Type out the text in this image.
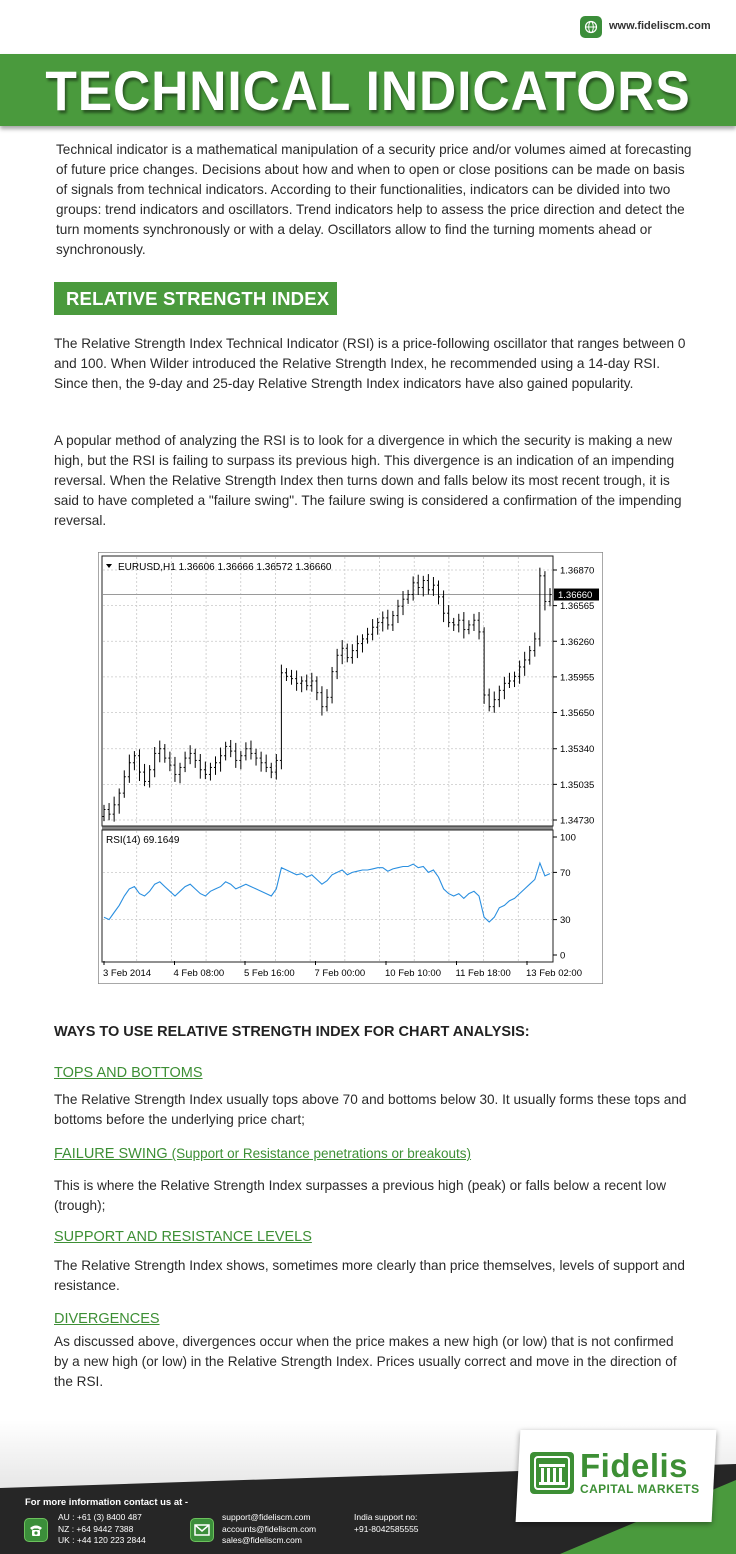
www.fideliscm.com
TECHNICAL INDICATORS

Technical indicator is a mathematical manipulation of a security price and/or volumes aimed at forecasting of future price changes. Decisions about how and when to open or close positions can be made on basis of signals from technical indicators. According to their functionalities, indicators can be divided into two groups: trend indicators and oscillators. Trend indicators help to assess the price direction and detect the turn moments synchronously or with a delay. Oscillators allow to find the turning moments ahead or synchronously.

RELATIVE STRENGTH INDEX

The Relative Strength Index Technical Indicator (RSI) is a price-following oscillator that ranges between 0 and 100. When Wilder introduced the Relative Strength Index, he recommended using a 14-day RSI. Since then, the 9-day and 25-day Relative Strength Index indicators have also gained popularity.

A popular method of analyzing the RSI is to look for a divergence in which the security is making a new high, but the RSI is failing to surpass its previous high. This divergence is an indication of an impending reversal. When the Relative Strength Index then turns down and falls below its most recent trough, it is said to have completed a "failure swing". The failure swing is considered a confirmation of the impending reversal.

1.36870
1.36565
1.36260
1.35955
1.35650
1.35340
1.35035
1.34730
1.36660
100
70
30
0
3 Feb 2014 4 Feb 08:00 5 Feb 16:00 7 Feb 00:00 10 Feb 10:00 11 Feb 18:00 13 Feb 02:00
EURUSD,H1 1.36606 1.36666 1.36572 1.36660
RSI(14) 69.1649
WAYS TO USE RELATIVE STRENGTH INDEX FOR CHART ANALYSIS:
TOPS AND BOTTOMS

The Relative Strength Index usually tops above 70 and bottoms below 30. It usually forms these tops and bottoms before the underlying price chart;

FAILURE SWING (Support or Resistance penetrations or breakouts)

This is where the Relative Strength Index surpasses a previous high (peak) or falls below a recent low (trough);

SUPPORT AND RESISTANCE LEVELS

The Relative Strength Index shows, sometimes more clearly than price themselves, levels of support and resistance.

DIVERGENCES

As discussed above, divergences occur when the price makes a new high (or low) that is not confirmed by a new high (or low) in the Relative Strength Index. Prices usually correct and move in the direction of the RSI.

Fidelis
CAPITAL MARKETS
For more information contact us at -
AU : +61 (3) 8400 487
NZ : +64 9442 7388
UK : +44 120 223 2844
support@fideliscm.com
accounts@fideliscm.com
sales@fideliscm.com
India support no:
+91-8042585555
